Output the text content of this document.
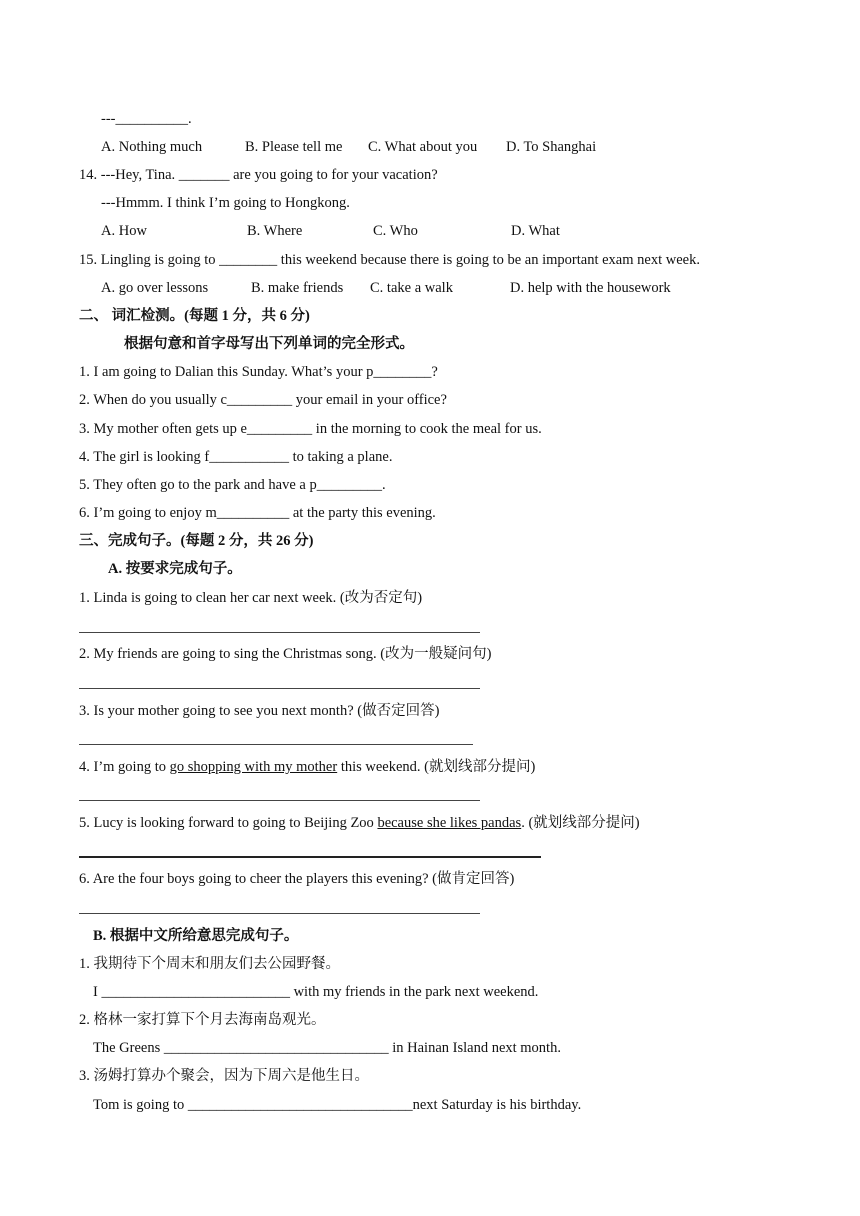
---__________.
A. Nothing much	B. Please tell me C. What about you D. To Shanghai
14. ---Hey, Tina. _______ are you going to for your vacation?
---Hmmm. I think I’m going to Hongkong.
A. How	B. Where	C. Who	D. What
15. Lingling is going to ________ this weekend because there is going to be an important exam next week.
A. go over lessons	B. make friends C. take a walk	D. help with the housework
二、 词汇检测。(每题 1 分，共 6 分)
根据句意和首字母写出下列单词的完全形式。
1. I am going to Dalian this Sunday. What’s your p________?
2. When do you usually c_________ your email in your office?
3. My mother often gets up e_________ in the morning to cook the meal for us.
4. The girl is looking f___________ to taking a plane.
5. They often go to the park and have a p_________.
6. I’m going to enjoy m__________ at the party this evening.
三、完成句子。(每题 2 分，共 26 分)
A. 按要求完成句子。
1. Linda is going to clean her car next week. (改为否定句)
2. My friends are going to sing the Christmas song. (改为一般疑问句)
3. Is your mother going to see you next month? (做否定回答)
4. I’m going to go shopping with my mother this weekend. (就划线部分提问)
5. Lucy is looking forward to going to Beijing Zoo because she likes pandas. (就划线部分提问)
6. Are the four boys going to cheer the players this evening? (做肯定回答)
B. 根据中文所给意思完成句子。
1. 我期待下个周末和朋友们去公园野餐。
I __________________________ with my friends in the park next weekend.
2. 格林一家打算下个月去海南岛观光。
The Greens _______________________________ in Hainan Island next month.
3. 汤姆打算办个聚会，因为下周六是他生日。
Tom is going to _______________________________next Saturday is his birthday.
